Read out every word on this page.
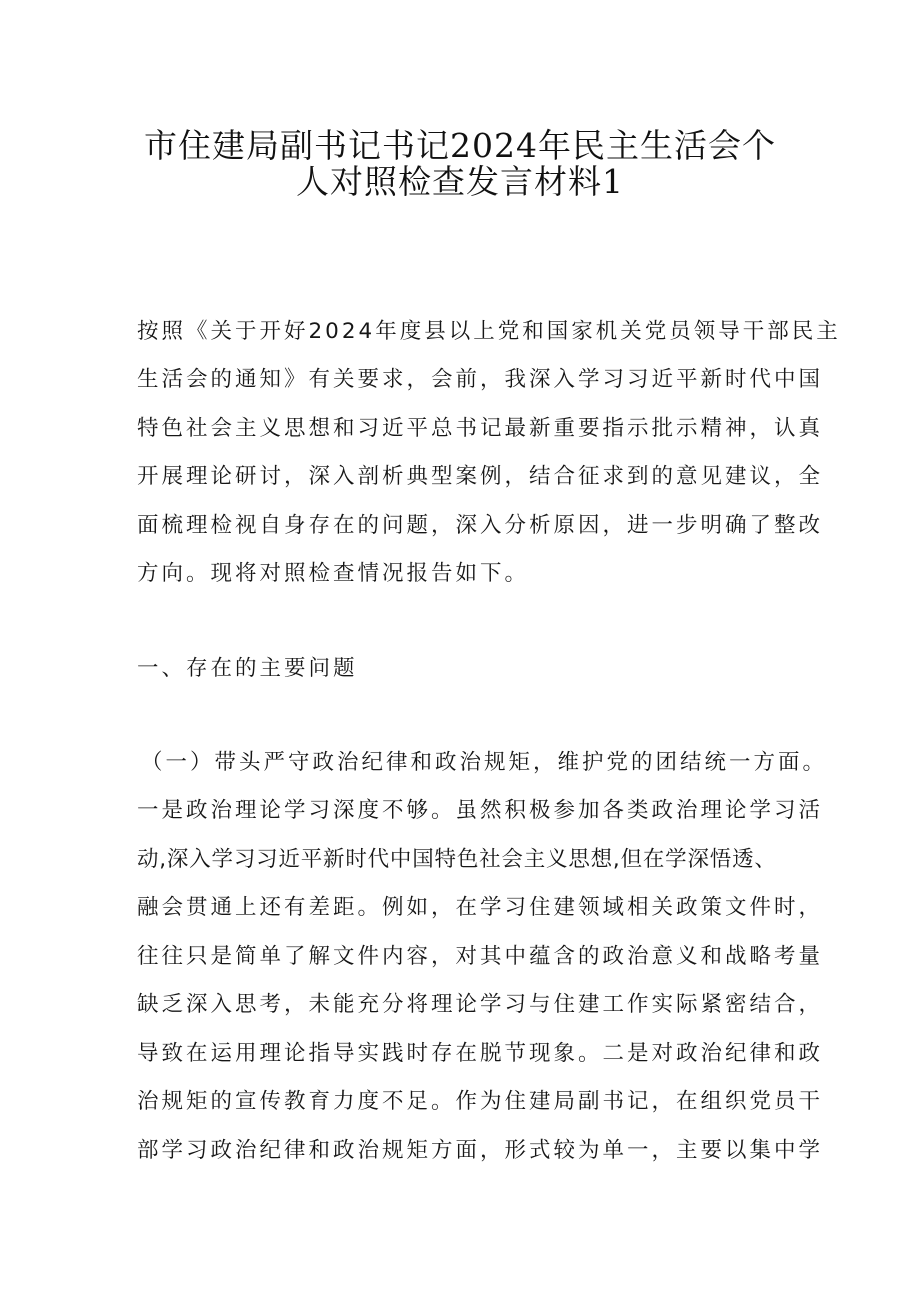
市住建局副书记书记2024年民主生活会个
人对照检查发言材料1
按照《关于开好2024年度县以上党和国家机关党员领导干部民主
生活会的通知》有关要求，会前，我深入学习习近平新时代中国
特色社会主义思想和习近平总书记最新重要指示批示精神，认真
开展理论研讨，深入剖析典型案例，结合征求到的意见建议，全
面梳理检视自身存在的问题，深入分析原因，进一步明确了整改
方向。现将对照检查情况报告如下。
一、存在的主要问题
（一）带头严守政治纪律和政治规矩，维护党的团结统一方面。
一是政治理论学习深度不够。虽然积极参加各类政治理论学习活
动,深入学习习近平新时代中国特色社会主义思想,但在学深悟透、
融会贯通上还有差距。例如，在学习住建领域相关政策文件时，
往往只是简单了解文件内容，对其中蕴含的政治意义和战略考量
缺乏深入思考，未能充分将理论学习与住建工作实际紧密结合，
导致在运用理论指导实践时存在脱节现象。二是对政治纪律和政
治规矩的宣传教育力度不足。作为住建局副书记，在组织党员干
部学习政治纪律和政治规矩方面，形式较为单一，主要以集中学
